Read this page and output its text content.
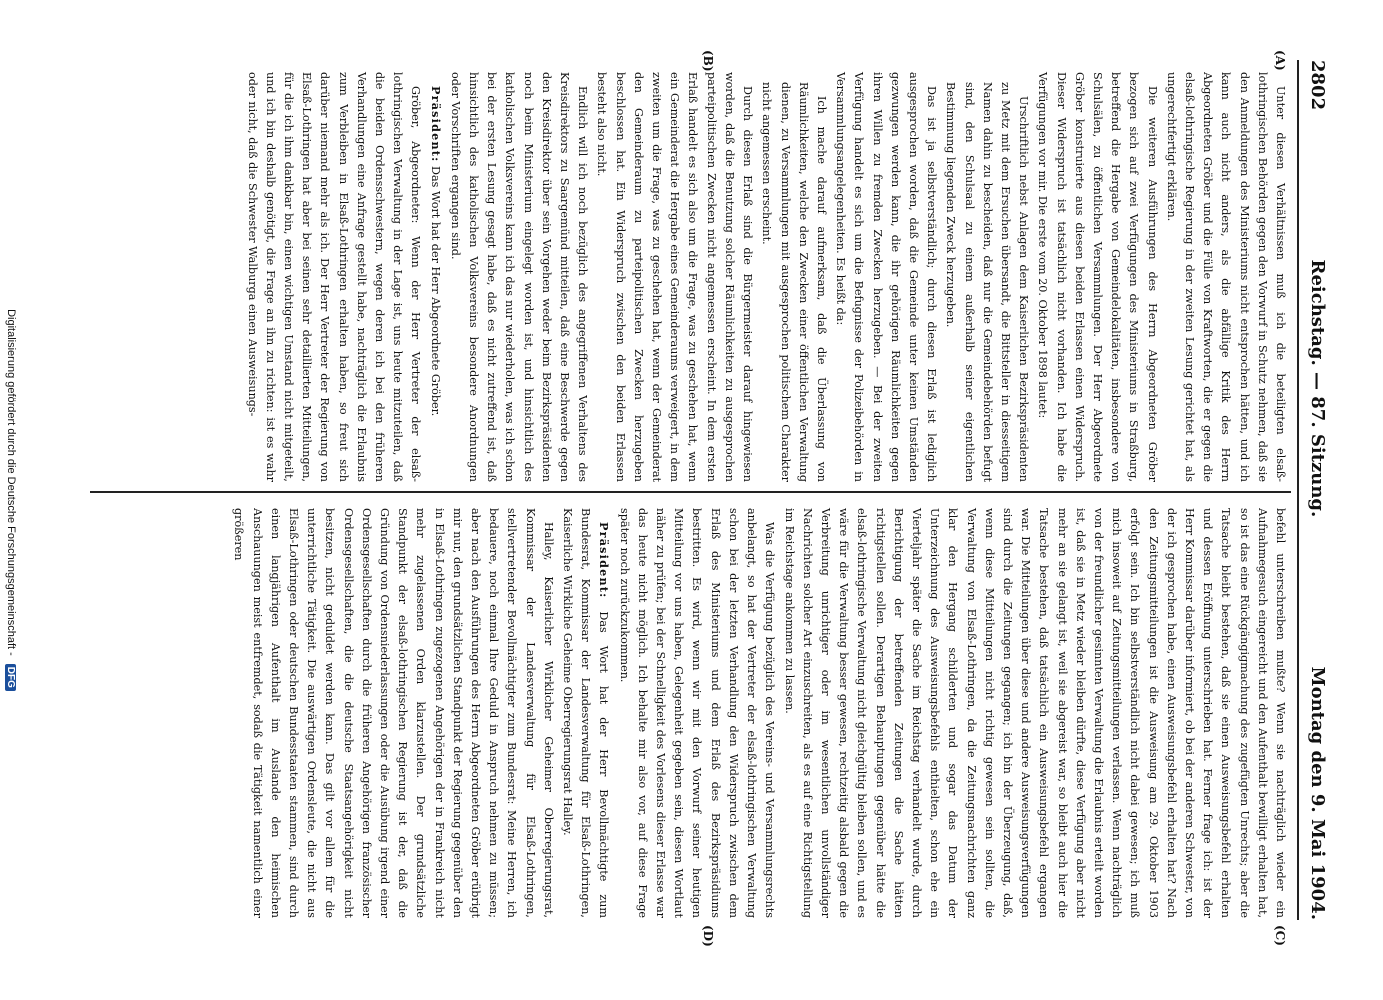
2802
Reichstag. — 87. Sitzung.
Montag den 9. Mai 1904.
(A)
(B)
(C)
(D)

Unter diesen Verhältnissen muß ich die beteiligten elsaß-lothringischen Behörden gegen den Vorwurf in Schutz nehmen, daß sie den Anmeldungen des Ministeriums nicht entsprochen hätten, und ich kann auch nicht anders, als die abfällige Kritik des Herrn Abgeordneten Gröber und die Fülle von Kraftworten, die er gegen die elsaß-lothringische Regierung in der zweiten Lesung gerichtet hat, als ungerechtfertigt erklären.

Die weiteren Ausführungen des Herrn Abgeordneten Gröber bezogen sich auf zwei Verfügungen des Ministeriums in Straßburg, betreffend die Hergabe von Gemeindelokalitäten, insbesondere von Schulsälen, zu öffentlichen Versammlungen. Der Herr Abgeordnete Gröber konstruierte aus diesen beiden Erlassen einen Widerspruch. Dieser Widerspruch ist tatsächlich nicht vorhanden. Ich habe die Verfügungen vor mir. Die erste vom 20. Oktober 1898 lautet:

Urschriftlich nebst Anlagen dem Kaiserlichen Bezirkspräsidenten zu Metz mit dem Ersuchen übersandt, die Bittsteller in diesseitigem Namen dahin zu bescheiden, daß nur die Gemeindebehörden befugt sind, den Schulsaal zu einem außerhalb seiner eigentlichen Bestimmung liegenden Zweck herzugeben.

Das ist ja selbstverständlich; durch diesen Erlaß ist lediglich ausgesprochen worden, daß die Gemeinde unter keinen Umständen gezwungen werden kann, die ihr gehörigen Räumlichkeiten gegen ihren Willen zu fremden Zwecken herzugeben. — Bei der zweiten Verfügung handelt es sich um die Befugnisse der Polizeibehörden in Versammlungsangelegenheiten. Es heißt da:

Ich mache darauf aufmerksam, daß die Überlassung von Räumlichkeiten, welche den Zwecken einer öffentlichen Verwaltung dienen, zu Versammlungen mit ausgesprochen politischem Charakter nicht angemessen erscheint.

Durch diesen Erlaß sind die Bürgermeister darauf hingewiesen worden, daß die Benutzung solcher Räumlichkeiten zu ausgesprochen parteipolitischen Zwecken nicht angemessen erscheint. In dem ersten Erlaß handelt es sich also um die Frage, was zu geschehen hat, wenn ein Gemeinderat die Hergabe eines Gemeinderaums verweigert, in dem zweiten um die Frage, was zu geschehen hat, wenn der Gemeinderat den Gemeinderaum zu parteipolitischen Zwecken herzugeben beschlossen hat. Ein Widerspruch zwischen den beiden Erlassen besteht also nicht.

Endlich will ich noch bezüglich des angegriffenen Verhaltens des Kreisdirektors zu Saargemünd mitteilen, daß eine Beschwerde gegen den Kreisdirektor über sein Vorgehen weder beim Bezirkspräsidenten noch beim Ministerium eingelegt worden ist, und hinsichtlich des katholischen Volksvereins kann ich das nur wiederholen, was ich schon bei der ersten Lesung gesagt habe, daß es nicht zutreffend ist, daß hinsichtlich des katholischen Volksvereins besondere Anordnungen oder Vorschriften ergangen sind.

Präsident: Das Wort hat der Herr Abgeordnete Gröber.

Gröber, Abgeordneter: Wenn der Herr Vertreter der elsaß-lothringischen Verwaltung in der Lage ist, uns heute mitzuteilen, daß die beiden Ordensschwestern, wegen deren ich bei den früheren Verhandlungen eine Anfrage gestellt habe, nachträglich die Erlaubnis zum Verbleiben in Elsaß-Lothringen erhalten haben, so freut sich darüber niemand mehr als ich. Der Herr Vertreter der Regierung von Elsaß-Lothringen hat aber bei seinen sehr detaillierten Mitteilungen, für die ich ihm dankbar bin, einen wichtigen Umstand nicht mitgeteilt, und ich bin deshalb genötigt, die Frage an ihn zu richten: ist es wahr oder nicht, daß die Schwester Walburga einen Ausweisungs-

befehl unterschreiben mußte? Wenn sie nachträglich wieder ein Aufnahmegesuch eingereicht und den Aufenthalt bewilligt erhalten hat, so ist das eine Rückgängigmachung des zugefügten Unrechts; aber die Tatsache bleibt bestehen, daß sie einen Ausweisungsbefehl erhalten und dessen Eröffnung unterschrieben hat. Ferner frage ich: ist der Herr Kommissar darüber informiert, ob bei der anderen Schwester, von der ich gesprochen habe, einen Ausweisungsbefehl erhalten hat? Nach den Zeitungsmitteilungen ist die Ausweisung am 29. Oktober 1903 erfolgt sein. Ich bin selbstverständlich nicht dabei gewesen; ich muß mich insoweit auf Zeitungsmitteilungen verlassen. Wenn nachträglich von der freundlicher gesinnten Verwaltung die Erlaubnis erteilt worden ist, daß sie in Metz wieder bleiben dürfte, diese Verfügung aber nicht mehr an sie gelangt ist, weil sie abgereist war, so bleibt auch hier die Tatsache bestehen, daß tatsächlich ein Ausweisungsbefehl ergangen war. Die Mitteilungen über diese und andere Ausweisungsverfügungen sind durch die Zeitungen gegangen; ich bin der Überzeugung, daß, wenn diese Mitteilungen nicht richtig gewesen sein sollten, die Verwaltung von Elsaß-Lothringen, da die Zeitungsnachrichten ganz klar den Hergang schilderten und sogar das Datum der Unterzeichnung des Ausweisungsbefehls enthielten, schon ehe ein Vierteljahr später die Sache im Reichstag verhandelt wurde, durch Berichtigung der betreffenden Zeitungen die Sache hätten richtigstellen sollen. Derartigen Behauptungen gegenüber hätte die elsaß-lothringische Verwaltung nicht gleichgültig bleiben sollen, und es wäre für die Verwaltung besser gewesen, rechtzeitig alsbald gegen die Verbreitung unrichtiger oder im wesentlichen unvollständiger Nachrichten solcher Art einzuschreiten, als es auf eine Richtigstellung im Reichstage ankommen zu lassen.

Was die Verfügung bezüglich des Vereins- und Versammlungsrechts anbelangt, so hat der Vertreter der elsaß-lothringischen Verwaltung schon bei der letzten Verhandlung den Widerspruch zwischen dem Erlaß des Ministeriums und dem Erlaß des Bezirkspräsidiums bestritten. Es wird, wenn wir mit den Vorwurf seiner heutigen Mitteilung vor uns haben, Gelegenheit gegeben sein, diesen Wortlaut näher zu prüfen; bei der Schnelligkeit des Vorlesens dieser Erlasse war das heute nicht möglich. Ich behalte mir also vor, auf diese Frage später noch zurückzukommen.

Präsident: Das Wort hat der Herr Bevollmächtigte zum Bundesrat, Kommissar der Landesverwaltung für Elsaß-Lothringen, Kaiserliche Wirkliche Geheime Oberregierungsrat Halley.

Halley, Kaiserlicher Wirklicher Geheimer Oberregierungsrat, Kommissar der Landesverwaltung für Elsaß-Lothringen, stellvertretender Bevollmächtigter zum Bundesrat: Meine Herren, ich bedauere, noch einmal Ihre Geduld in Anspruch nehmen zu müssen; aber nach den Ausführungen des Herrn Abgeordneten Gröber erübrigt mir nur, den grundsätzlichen Standpunkt der Regierung gegenüber den in Elsaß-Lothringen zugezogenen Angehörigen der in Frankreich nicht mehr zugelassenen Orden klarzustellen. Der grundsätzliche Standpunkt der elsaß-lothringischen Regierung ist der, daß die Gründung von Ordensniederlassungen oder die Ausübung irgend einer Ordensgesellschaften durch die früheren Angehörigen französischer Ordensgesellschaften, die die deutsche Staatsangehörigkeit nicht besitzen, nicht geduldet werden kann. Das gilt vor allem für die unterrichtliche Tätigkeit. Die auswärtigen Ordensleute, die nicht aus Elsaß-Lothringen oder deutschen Bundesstaaten stammen, sind durch einen langjährigen Aufenthalt im Auslande den heimischen Anschauungen meist entfremdet, sodaß die Tätigkeit namentlich einer größeren

Digitalisierung gefördert durch die Deutsche Forschungsgemeinschaft -
DFG
